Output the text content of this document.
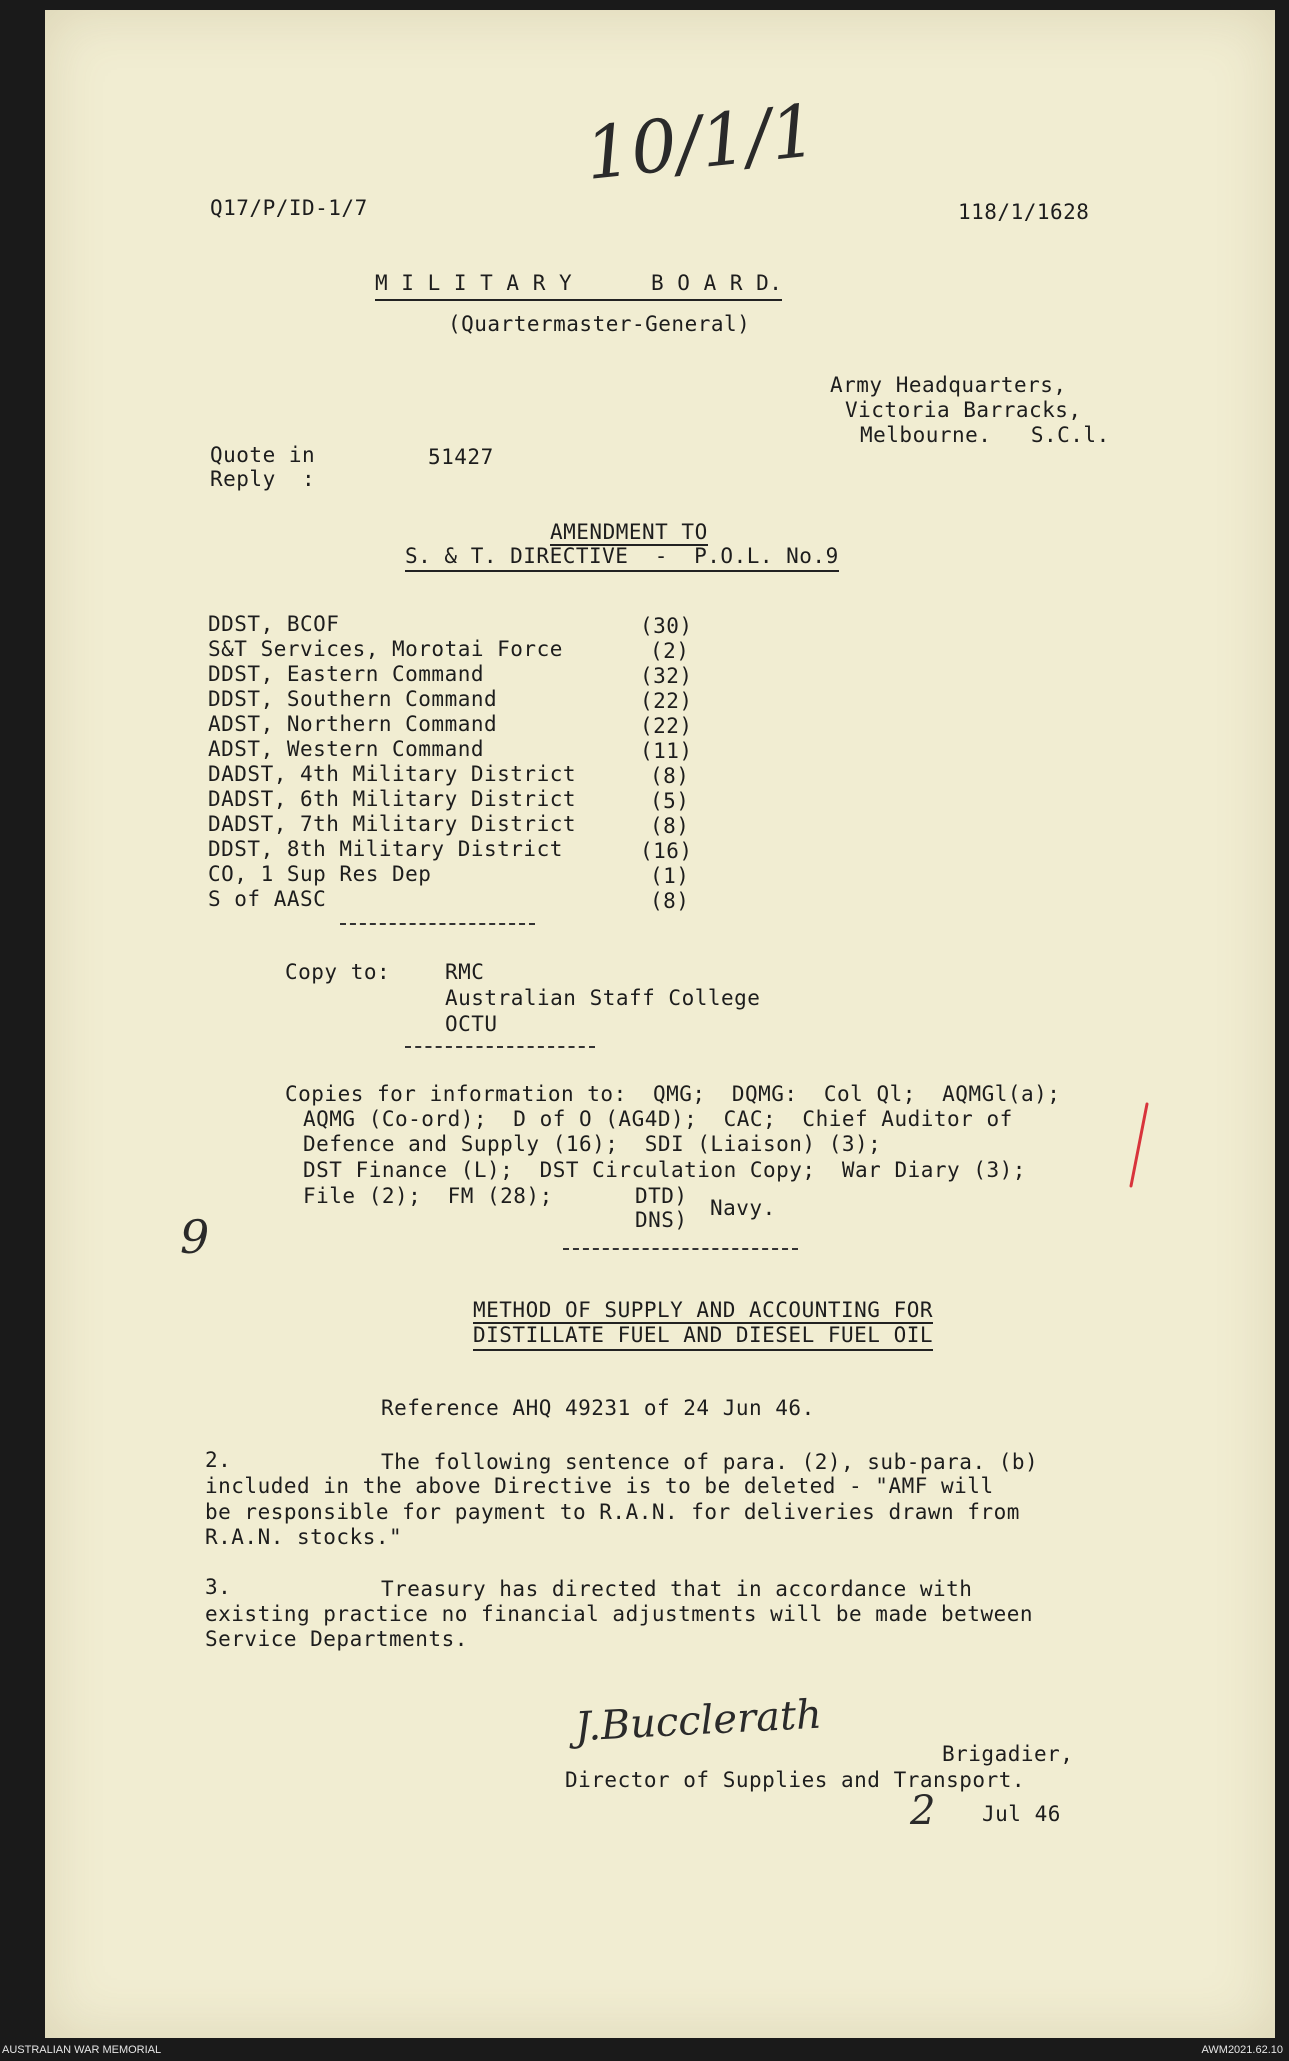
Q17/P/ID-1/7	118/1/1628
10/1/1
M I L I T A R Y      B O A R D.
(Quartermaster-General)
Army Headquarters,
Victoria Barracks,
Melbourne.   S.C.l.
Quote in
Reply  :
51427
AMENDMENT TO
S. & T. DIRECTIVE  -  P.O.L. No.9
DDST, BCOF	(30)
S&T Services, Morotai Force	(2)
DDST, Eastern Command	(32)
DDST, Southern Command	(22)
ADST, Northern Command	(22)
ADST, Western Command	(11)
DADST, 4th Military District	(8)
DADST, 6th Military District	(5)
DADST, 7th Military District	(8)
DDST, 8th Military District	(16)
CO, 1 Sup Res Dep	(1)
S of AASC	(8)
Copy to:	RMC
Australian Staff College
OCTU
Copies for information to:  QMG;  DQMG:  Col Ql;  AQMGl(a);
AQMG (Co-ord);  D of O (AG4D);  CAC;  Chief Auditor of
Defence and Supply (16);  SDI (Liaison) (3);
DST Finance (L);  DST Circulation Copy;  War Diary (3);
File (2);  FM (28);	DTD)
DNS) Navy.
9
METHOD OF SUPPLY AND ACCOUNTING FOR
DISTILLATE FUEL AND DIESEL FUEL OIL
Reference AHQ 49231 of 24 Jun 46.
2.	The following sentence of para. (2), sub-para. (b)
included in the above Directive is to be deleted - "AMF will
be responsible for payment to R.A.N. for deliveries drawn from
R.A.N. stocks."
3.	Treasury has directed that in accordance with
existing practice no financial adjustments will be made between
Service Departments.
J.Bucclerath
Brigadier,
Director of Supplies and Transport.
2 Jul 46
AUSTRALIAN WAR MEMORIAL	AWM2021.62.10
